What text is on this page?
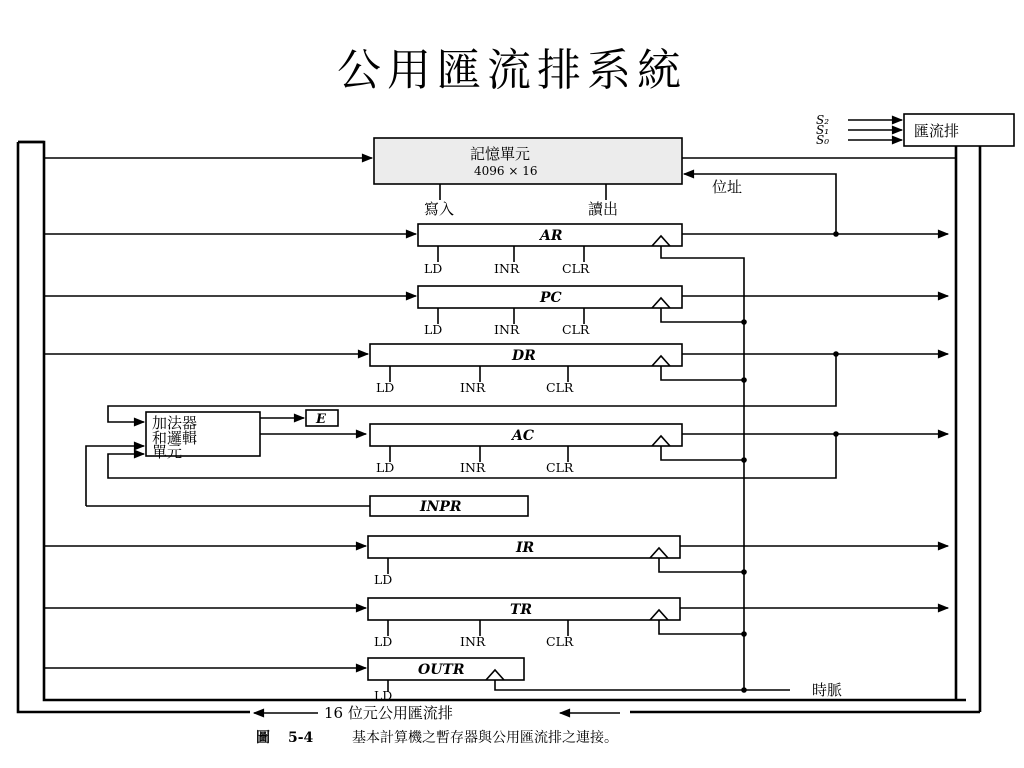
公用匯流排系統
S₂
S₁
S₀	匯流排
記憶單元
4096 × 16
寫入	讀出
位址
AR
LD	INR	CLR
PC
LD	INR	CLR
DR
LD	INR	CLR
加法器
和邏輯
單元
E
AC
LD	INR	CLR
INPR
IR
LD
TR
LD	INR	CLR
OUTR
LD	時脈
16 位元公用匯流排
圖 5-4	基本計算機之暫存器與公用匯流排之連接。
